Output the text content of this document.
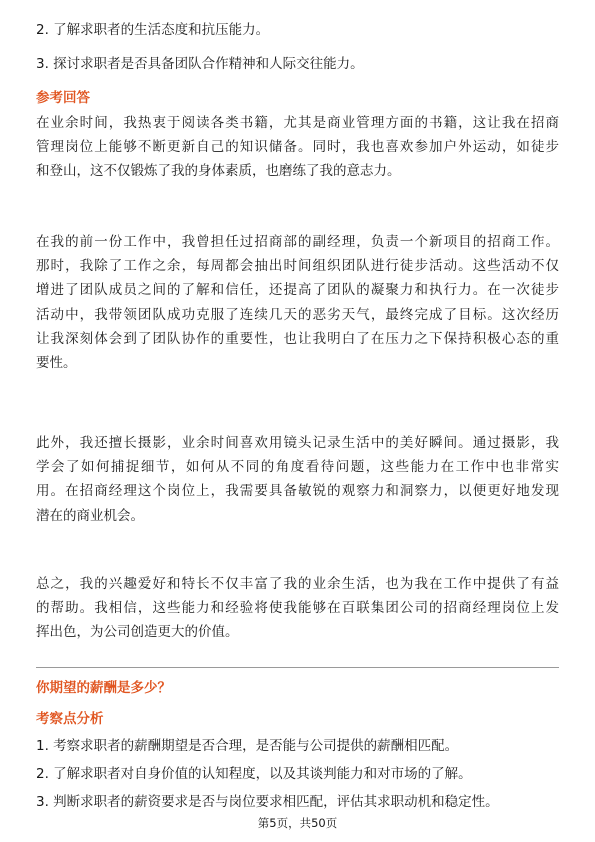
2. 了解求职者的生活态度和抗压能力。
3. 探讨求职者是否具备团队合作精神和人际交往能力。
参考回答
在业余时间，我热衷于阅读各类书籍，尤其是商业管理方面的书籍，这让我在招商
管理岗位上能够不断更新自己的知识储备。同时，我也喜欢参加户外运动，如徒步
和登山，这不仅锻炼了我的身体素质，也磨练了我的意志力。
在我的前一份工作中，我曾担任过招商部的副经理，负责一个新项目的招商工作。
那时，我除了工作之余，每周都会抽出时间组织团队进行徒步活动。这些活动不仅
增进了团队成员之间的了解和信任，还提高了团队的凝聚力和执行力。在一次徒步
活动中，我带领团队成功克服了连续几天的恶劣天气，最终完成了目标。这次经历
让我深刻体会到了团队协作的重要性，也让我明白了在压力之下保持积极心态的重
要性。
此外，我还擅长摄影，业余时间喜欢用镜头记录生活中的美好瞬间。通过摄影，我
学会了如何捕捉细节，如何从不同的角度看待问题，这些能力在工作中也非常实
用。在招商经理这个岗位上，我需要具备敏锐的观察力和洞察力，以便更好地发现
潜在的商业机会。
总之，我的兴趣爱好和特长不仅丰富了我的业余生活，也为我在工作中提供了有益
的帮助。我相信，这些能力和经验将使我能够在百联集团公司的招商经理岗位上发
挥出色，为公司创造更大的价值。
你期望的薪酬是多少？
考察点分析
1. 考察求职者的薪酬期望是否合理，是否能与公司提供的薪酬相匹配。
2. 了解求职者对自身价值的认知程度，以及其谈判能力和对市场的了解。
3. 判断求职者的薪资要求是否与岗位要求相匹配，评估其求职动机和稳定性。
第5页，共50页
